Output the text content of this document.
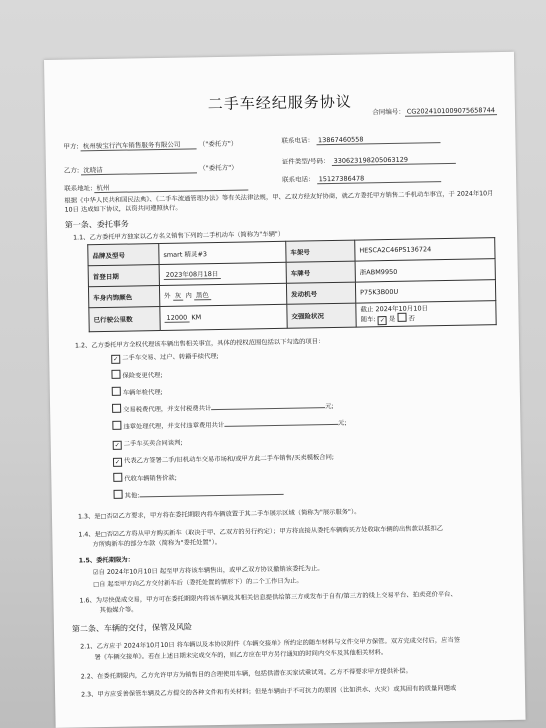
二手车经纪服务协议	合同编号： CG20241010090756587​44
甲方: 杭州骏宝行汽车销售服务有限公司	（"委托方"）	联系电话： 13867460558
乙方: 沈晓洁	（"委托方"）
证件类型/号码： 330623198205063129
联系地址: 杭州
联系电话： 15127386478
根据《中华人民共和国民法典》、《二手车流通管理办法》等有关法律法规，甲、乙双方经友好协商，就乙方委托甲方销售二手机动车事宜，于 2024年10月10日 达成如下协议，以资共同遵照执行。
第一条、委托事务
1.1、乙方委托甲方独家以乙方名义销售下列的二手机动车（简称为"车辆"）
品牌及型号	smart 精灵#3	车架号	HESCA2C46PS136724
首登日期	2023年08月18日	车牌号	浙ABM9950
车身内饰颜色	外 灰 内 黑色	发动机号	P75K3B00U
已行驶公里数	12000 KM	交强险状况	截止 2024年10月10日
随车: ✓ 是 否
1.2、乙方委托甲方全权代理该车辆出售相关事宜，具体的授权范围包括以下勾选的项目：
✓二手车交易、过户、转籍手续代理;
保险变更代理;
车辆年检代理;
交易税费代理，并支付税费共计	元;
违章处理代理，并支付违章费用共计	元;
✓二手车买卖合同谈判;
✓代表乙方签署二手/旧机动车交易市场和/或甲方此二手车销售/买卖模板合同;
代收车辆销售价款;
其他:
1.3、是□否☑乙方要求，甲方将在委托期限内将车辆放置于其二手车展示区域（简称为"展示服务"）。
1.4、是□否☑乙方将从甲方购买新车（取决于甲、乙双方的另行约定）；甲方将直接从委托车辆购买方处收取车辆的出售款以抵扣乙
方所购新车的部分车款（简称为"委托处置"）。
1.5、委托期限为：
☑自 2024年10月10日 起至甲方将该车辆售出，或甲乙双方协议撤销该委托为止。
□自 起至甲方向乙方交付新车后（委托处置的情形下）的二个工作日为止。
1.6、为尽快促成交易，甲方可在委托期限内将该车辆及其相关信息提供给第三方或发布于自有/第三方的线上交易平台、拍卖竞价平台、
其他媒介等。
第二条、车辆的交付，保管及风险
2.1、乙方应于 2024年10月10日 将车辆以及本协议附件《车辆交接单》所约定的随车材料与文件交甲方保管。双方完成交付后，应当签
署《车辆交接单》。若在上述日期未完成交车的，则乙方应在甲方另行通知的时间内交车及其他相关材料。
2.2、在委托期限内，乙方允许甲方为销售目的合理使用车辆，包括供潜在买家试乘试驾。乙方不得要求甲方提供补偿。
2.3、甲方应妥善保管车辆及乙方提交的各种文件和有关材料；但是车辆由于不可抗力的原因（比如洪水、火灾）或其固有的质量问题或
